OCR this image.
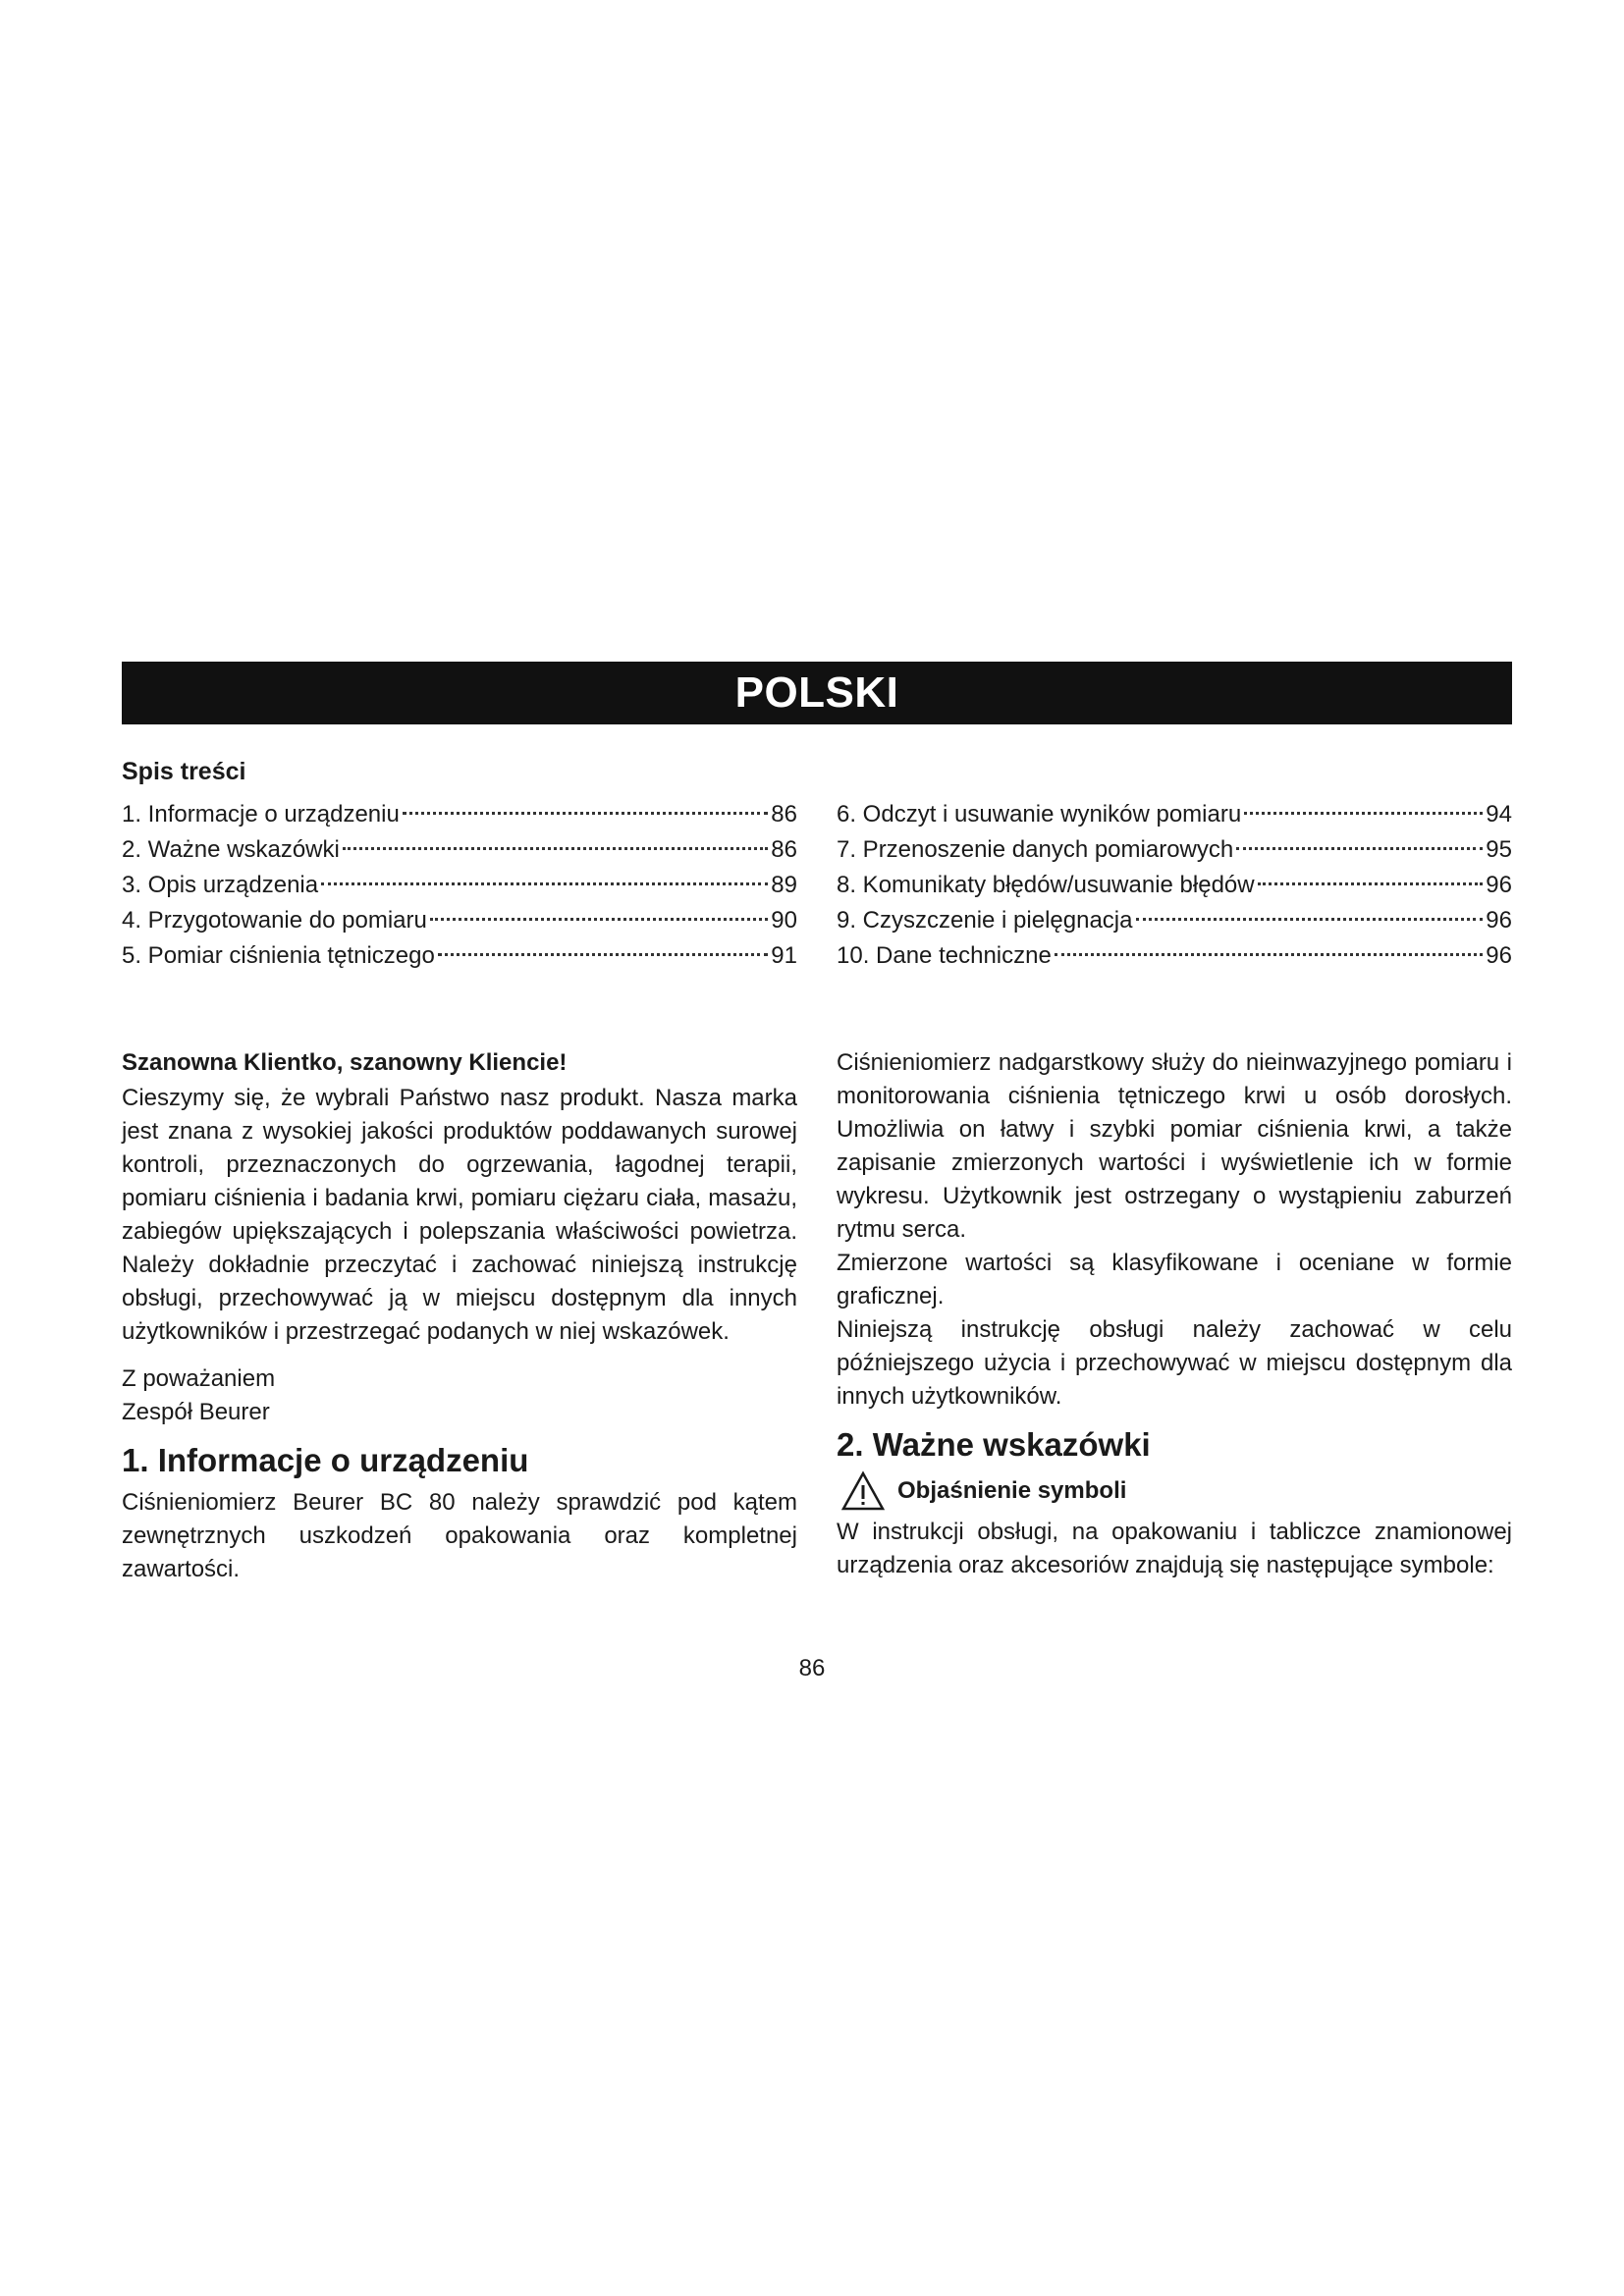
POLSKI
Spis treści
1. Informacje o urządzeniu	86
2. Ważne wskazówki	86
3. Opis urządzenia	89
4. Przygotowanie do pomiaru	90
5. Pomiar ciśnienia tętniczego	91
6. Odczyt i usuwanie wyników pomiaru	94
7. Przenoszenie danych pomiarowych	95
8. Komunikaty błędów/usuwanie błędów	96
9. Czyszczenie i pielęgnacja	96
10. Dane techniczne	96
Szanowna Klientko, szanowny Kliencie!

Cieszymy się, że wybrali Państwo nasz produkt. Nasza marka jest znana z wysokiej jakości produktów poddawanych surowej kontroli, przeznaczonych do ogrzewania, łagodnej terapii, pomiaru ciśnienia i badania krwi, pomiaru ciężaru ciała, masażu, zabiegów upiększających i polepszania właściwości powietrza. Należy dokładnie przeczytać i zachować niniejszą instrukcję obsługi, przechowywać ją w miejscu dostępnym dla innych użytkowników i przestrzegać podanych w niej wskazówek.

Z poważaniem

Zespół Beurer

1. Informacje o urządzeniu

Ciśnieniomierz Beurer BC 80 należy sprawdzić pod kątem zewnętrznych uszkodzeń opakowania oraz kompletnej zawartości.

Ciśnieniomierz nadgarstkowy służy do nieinwazyjnego pomiaru i monitorowania ciśnienia tętniczego krwi u osób dorosłych. Umożliwia on łatwy i szybki pomiar ciśnienia krwi, a także zapisanie zmierzonych wartości i wyświetlenie ich w formie wykresu. Użytkownik jest ostrzegany o wystąpieniu zaburzeń rytmu serca.

Zmierzone wartości są klasyfikowane i oceniane w formie graficznej.

Niniejszą instrukcję obsługi należy zachować w celu późniejszego użycia i przechowywać w miejscu dostępnym dla innych użytkowników.

2. Ważne wskazówki
Objaśnienie symboli

W instrukcji obsługi, na opakowaniu i tabliczce znamionowej urządzenia oraz akcesoriów znajdują się następujące symbole:

86
